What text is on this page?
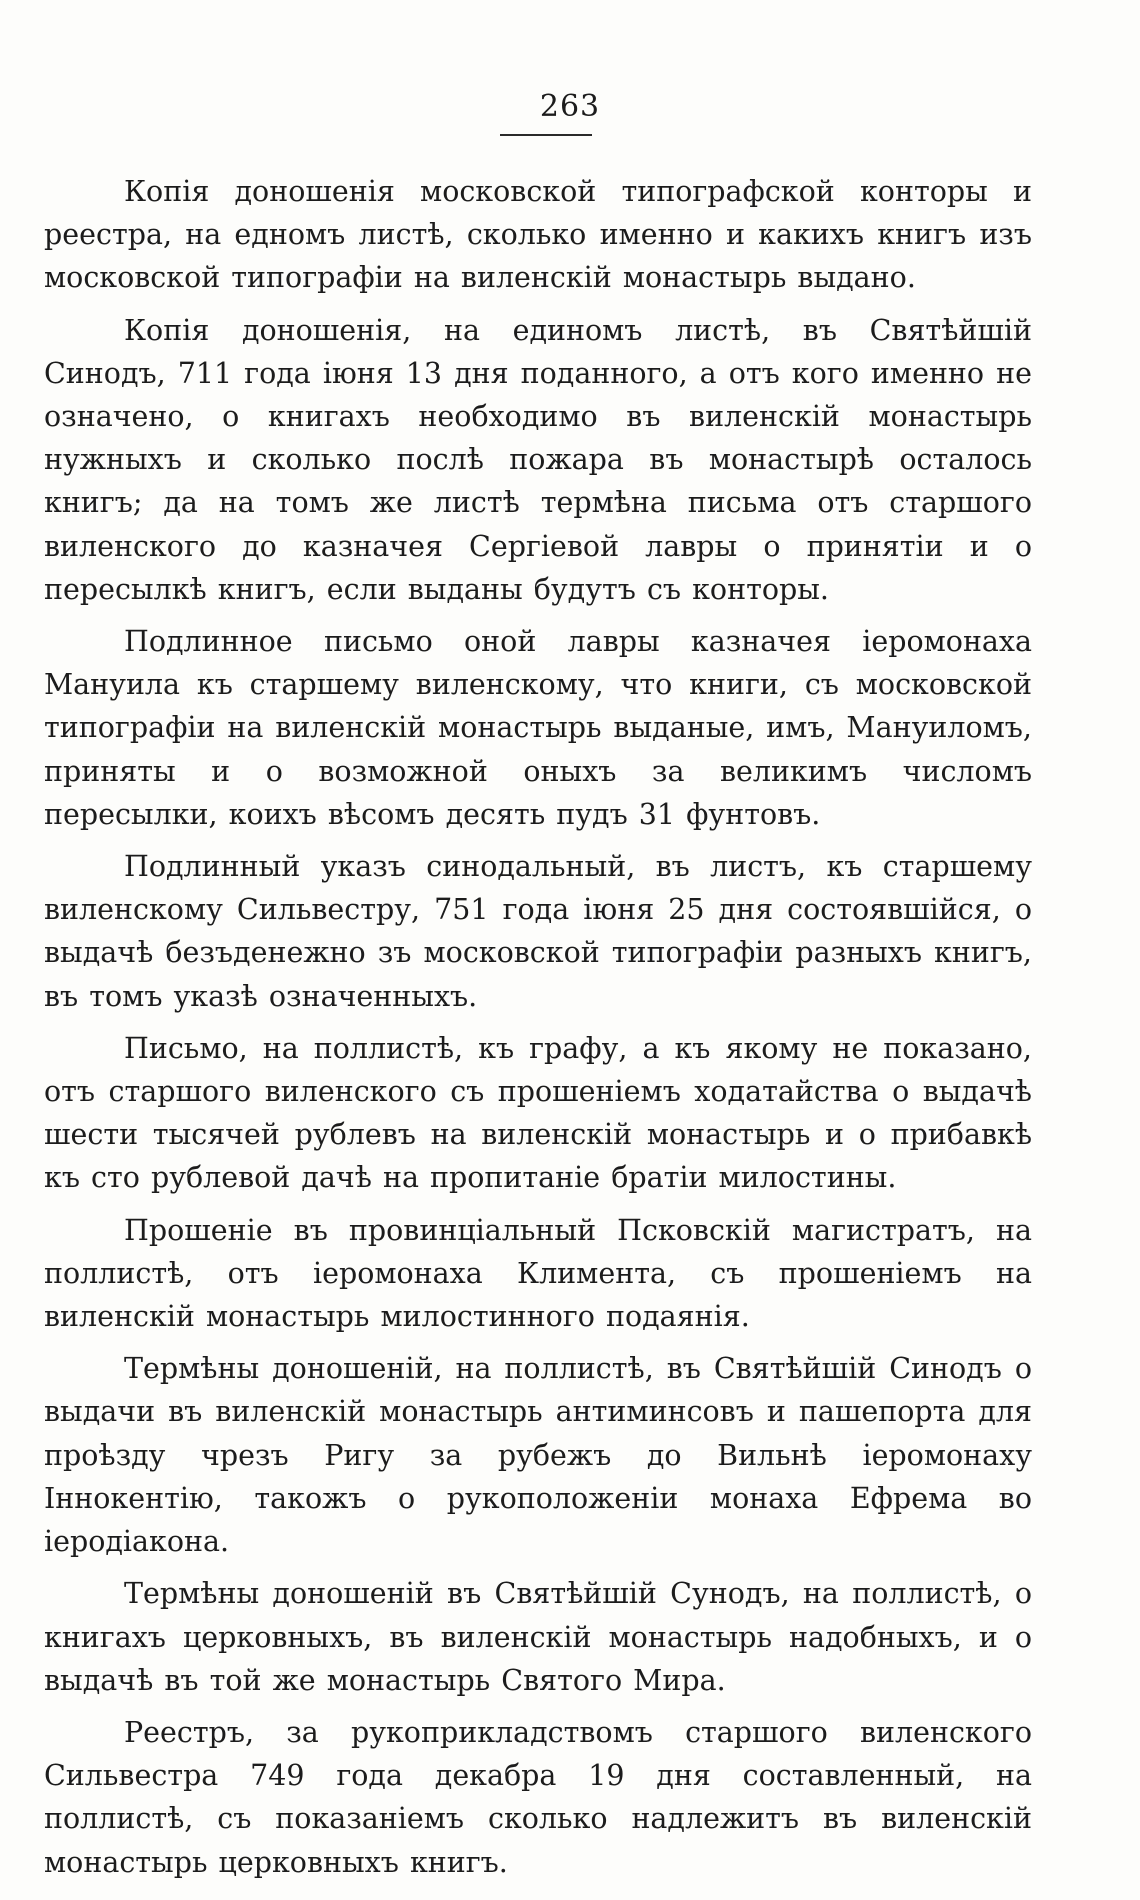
263

Копія доношенія московской типографской конторы и реестра, на едномъ листѣ, сколько именно и какихъ книгъ изъ московской типографіи на виленскій монастырь выдано.

Копія доношенія, на единомъ листѣ, въ Святѣйшій Синодъ, 711 года іюня 13 дня поданного, а отъ кого именно не означено, о книгахъ необходимо въ виленскій монастырь нужныхъ и сколько послѣ пожара въ монастырѣ осталось книгъ; да на томъ же листѣ термѣна письма отъ старшого виленского до казначея Сергіевой лавры о принятіи и о пересылкѣ книгъ, если выданы будутъ съ конторы.

Подлинное письмо оной лавры казначея іеромонаха Мануила къ старшему виленскому, что книги, съ московской типографіи на виленскій монастырь выданые, имъ, Мануиломъ, приняты и о возможной оныхъ за великимъ числомъ пересылки, коихъ вѣсомъ десять пудъ 31 фунтовъ.

Подлинный указъ синодальный, въ листъ, къ старшему виленскому Сильвестру, 751 года іюня 25 дня состоявшійся, о выдачѣ безъденежно зъ московской типографіи разныхъ книгъ, въ томъ указѣ означенныхъ.

Письмо, на поллистѣ, къ графу, а къ якому не показано, отъ старшого виленского съ прошеніемъ ходатайства о выдачѣ шести тысячей рублевъ на виленскій монастырь и о прибавкѣ къ сто рублевой дачѣ на пропитаніе братіи милостины.

Прошеніе въ провинціальный Псковскій магистратъ, на поллистѣ, отъ іеромонаха Климента, съ прошеніемъ на виленскій монастырь милостинного подаянія.

Термѣны доношеній, на поллистѣ, въ Святѣйшій Синодъ о выдачи въ виленскій монастырь антиминсовъ и пашепорта для проѣзду чрезъ Ригу за рубежъ до Вильнѣ іеромонаху Іннокентію, такожъ о рукоположеніи монаха Ефрема во іеродіакона.

Термѣны доношеній въ Святѣйшій Сунодъ, на поллистѣ, о книгахъ церковныхъ, въ виленскій монастырь надобныхъ, и о выдачѣ въ той же монастырь Святого Мира.

Реестръ, за рукоприкладствомъ старшого виленского Сильвестра 749 года декабра 19 дня составленный, на поллистѣ, съ показаніемъ сколько надлежитъ въ виленскій монастырь церковныхъ книгъ.
